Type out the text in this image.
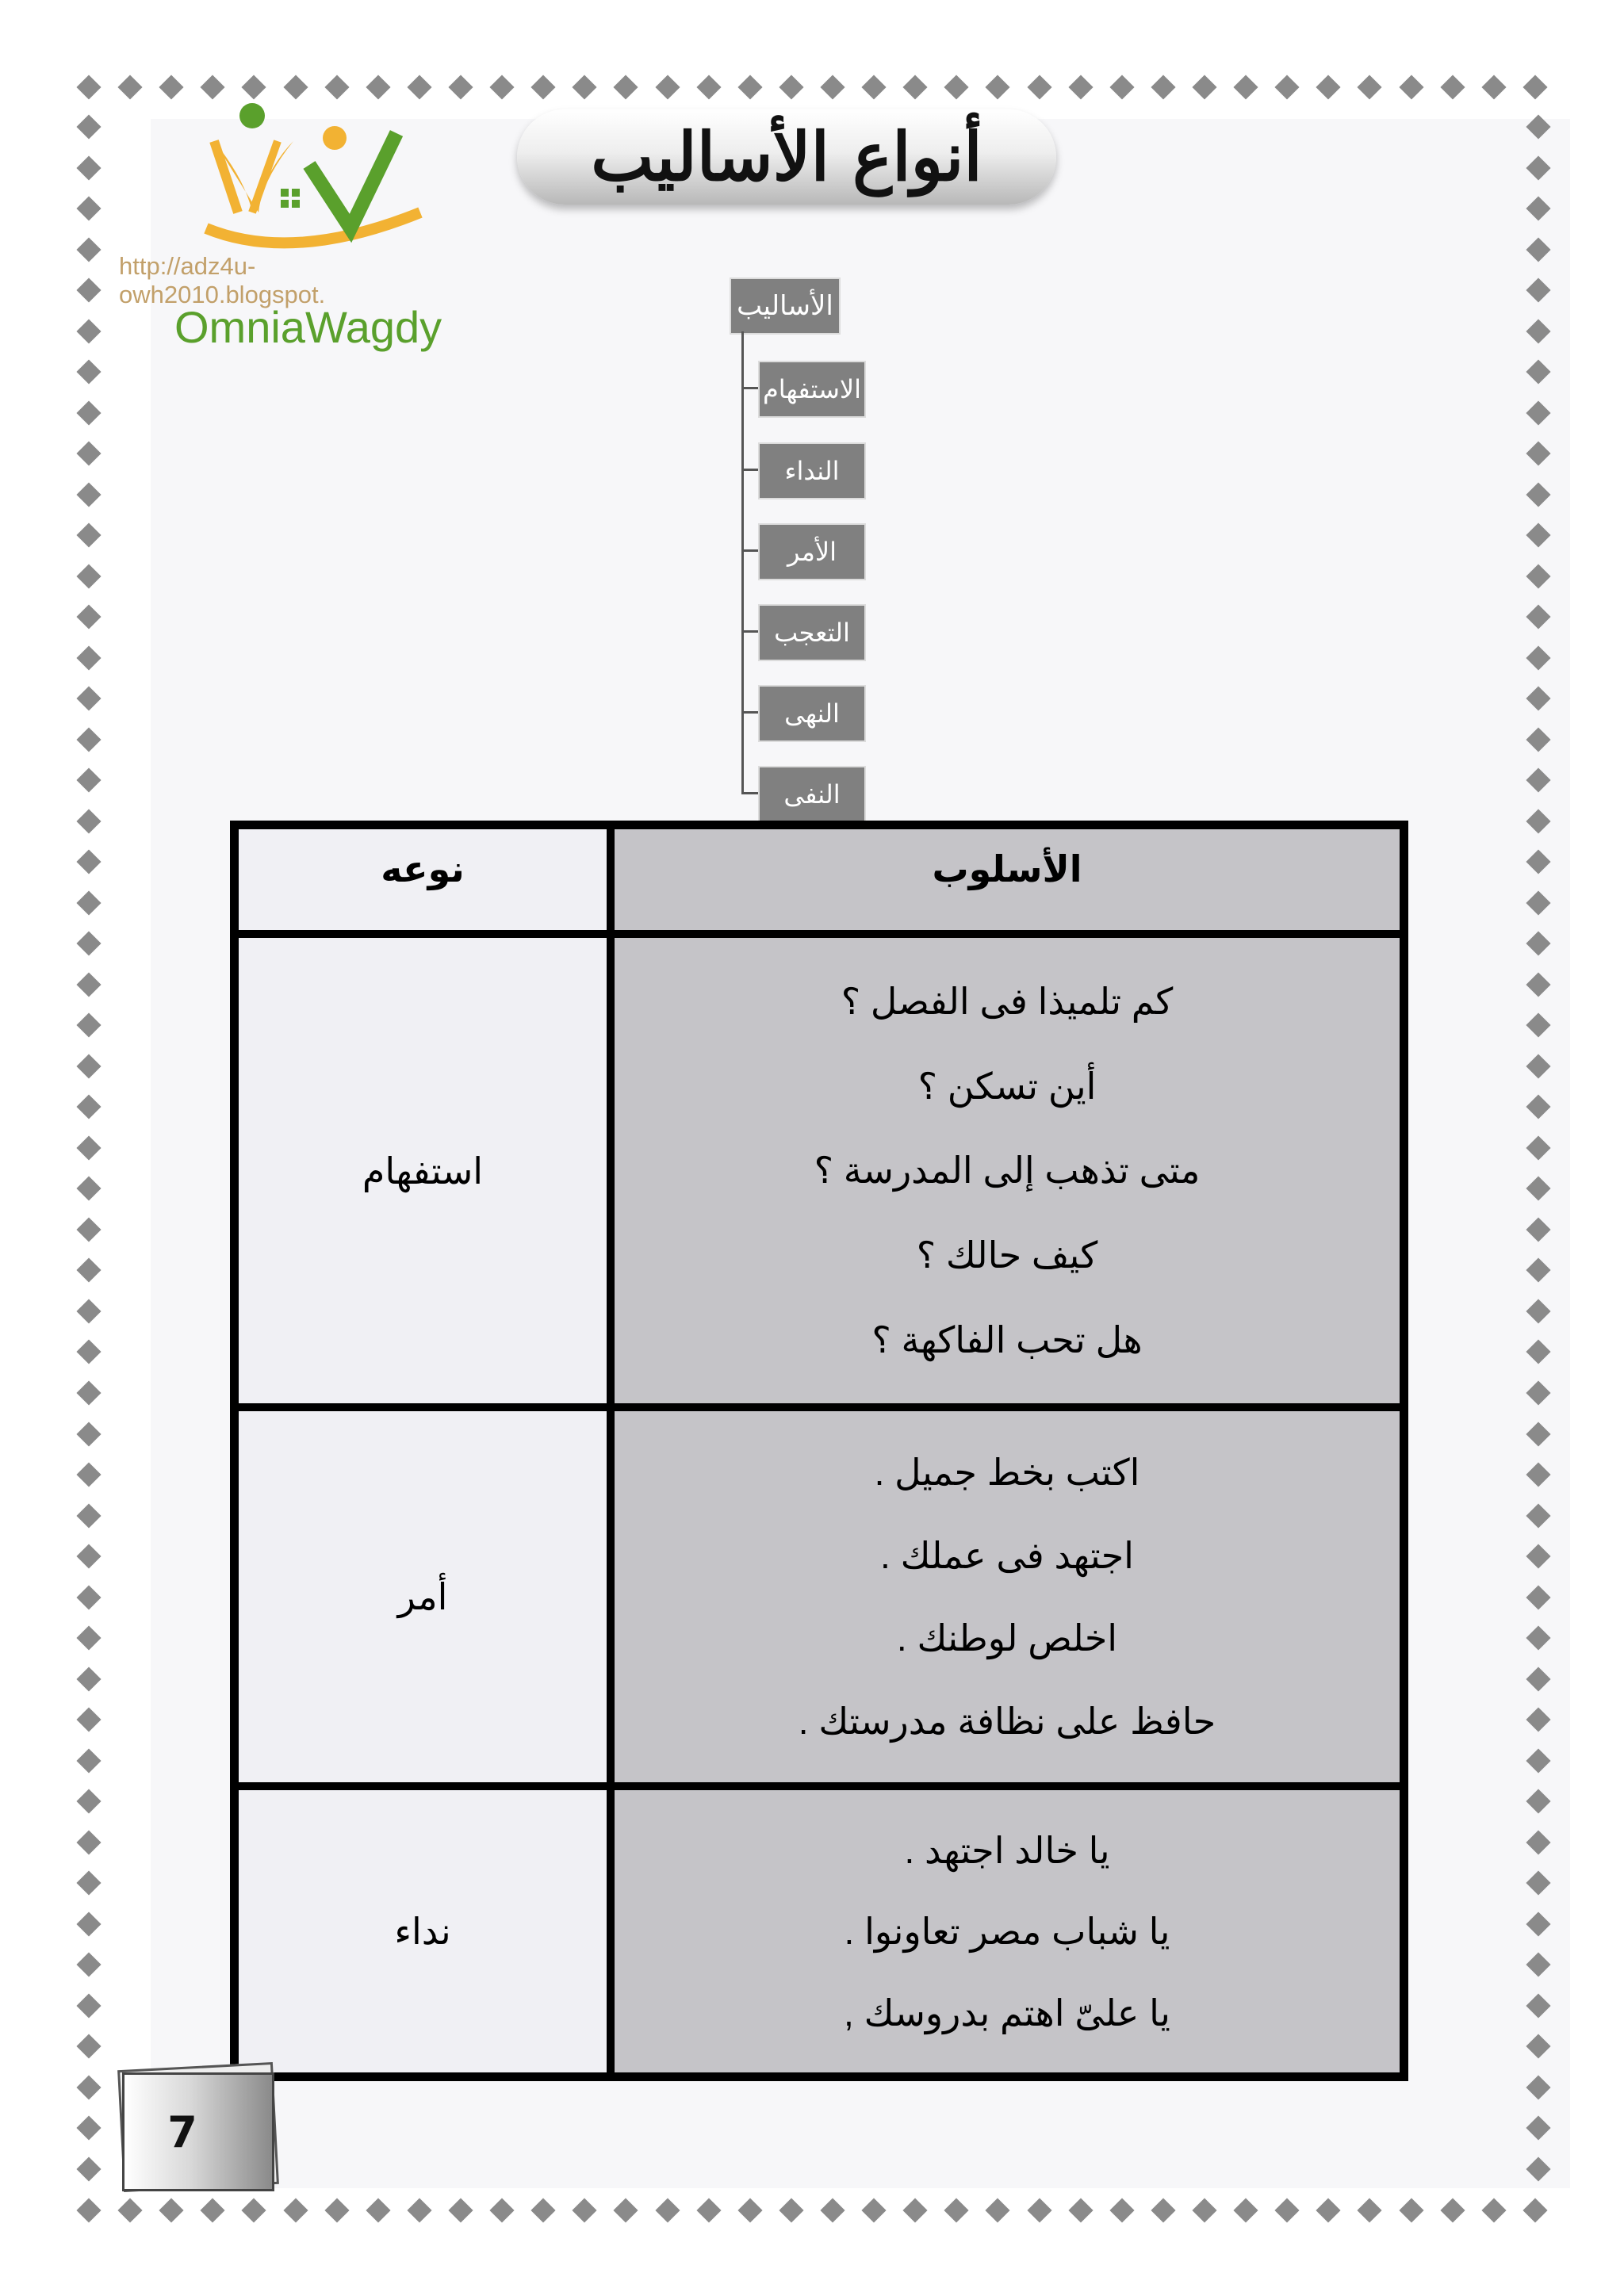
http://adz4u-owh2010.blogspot.
OmniaWagdy
أنواع الأساليب
الأساليب
الاستفهام
النداء
الأمر
التعجب
النهى
النفى
الأسلوب
نوعه
كم تلميذا فى الفصل ؟
أين تسكن ؟
متى تذهب إلى المدرسة ؟
كيف حالك ؟
هل تحب الفاكهة ؟
استفهام
اكتب بخط جميل .
اجتهد فى عملك .
اخلص لوطنك .
حافظ على نظافة مدرستك .
أمر
يا خالد اجتهد .
يا شباب مصر تعاونوا .
يا علىّ اهتم بدروسك ,
نداء
7
